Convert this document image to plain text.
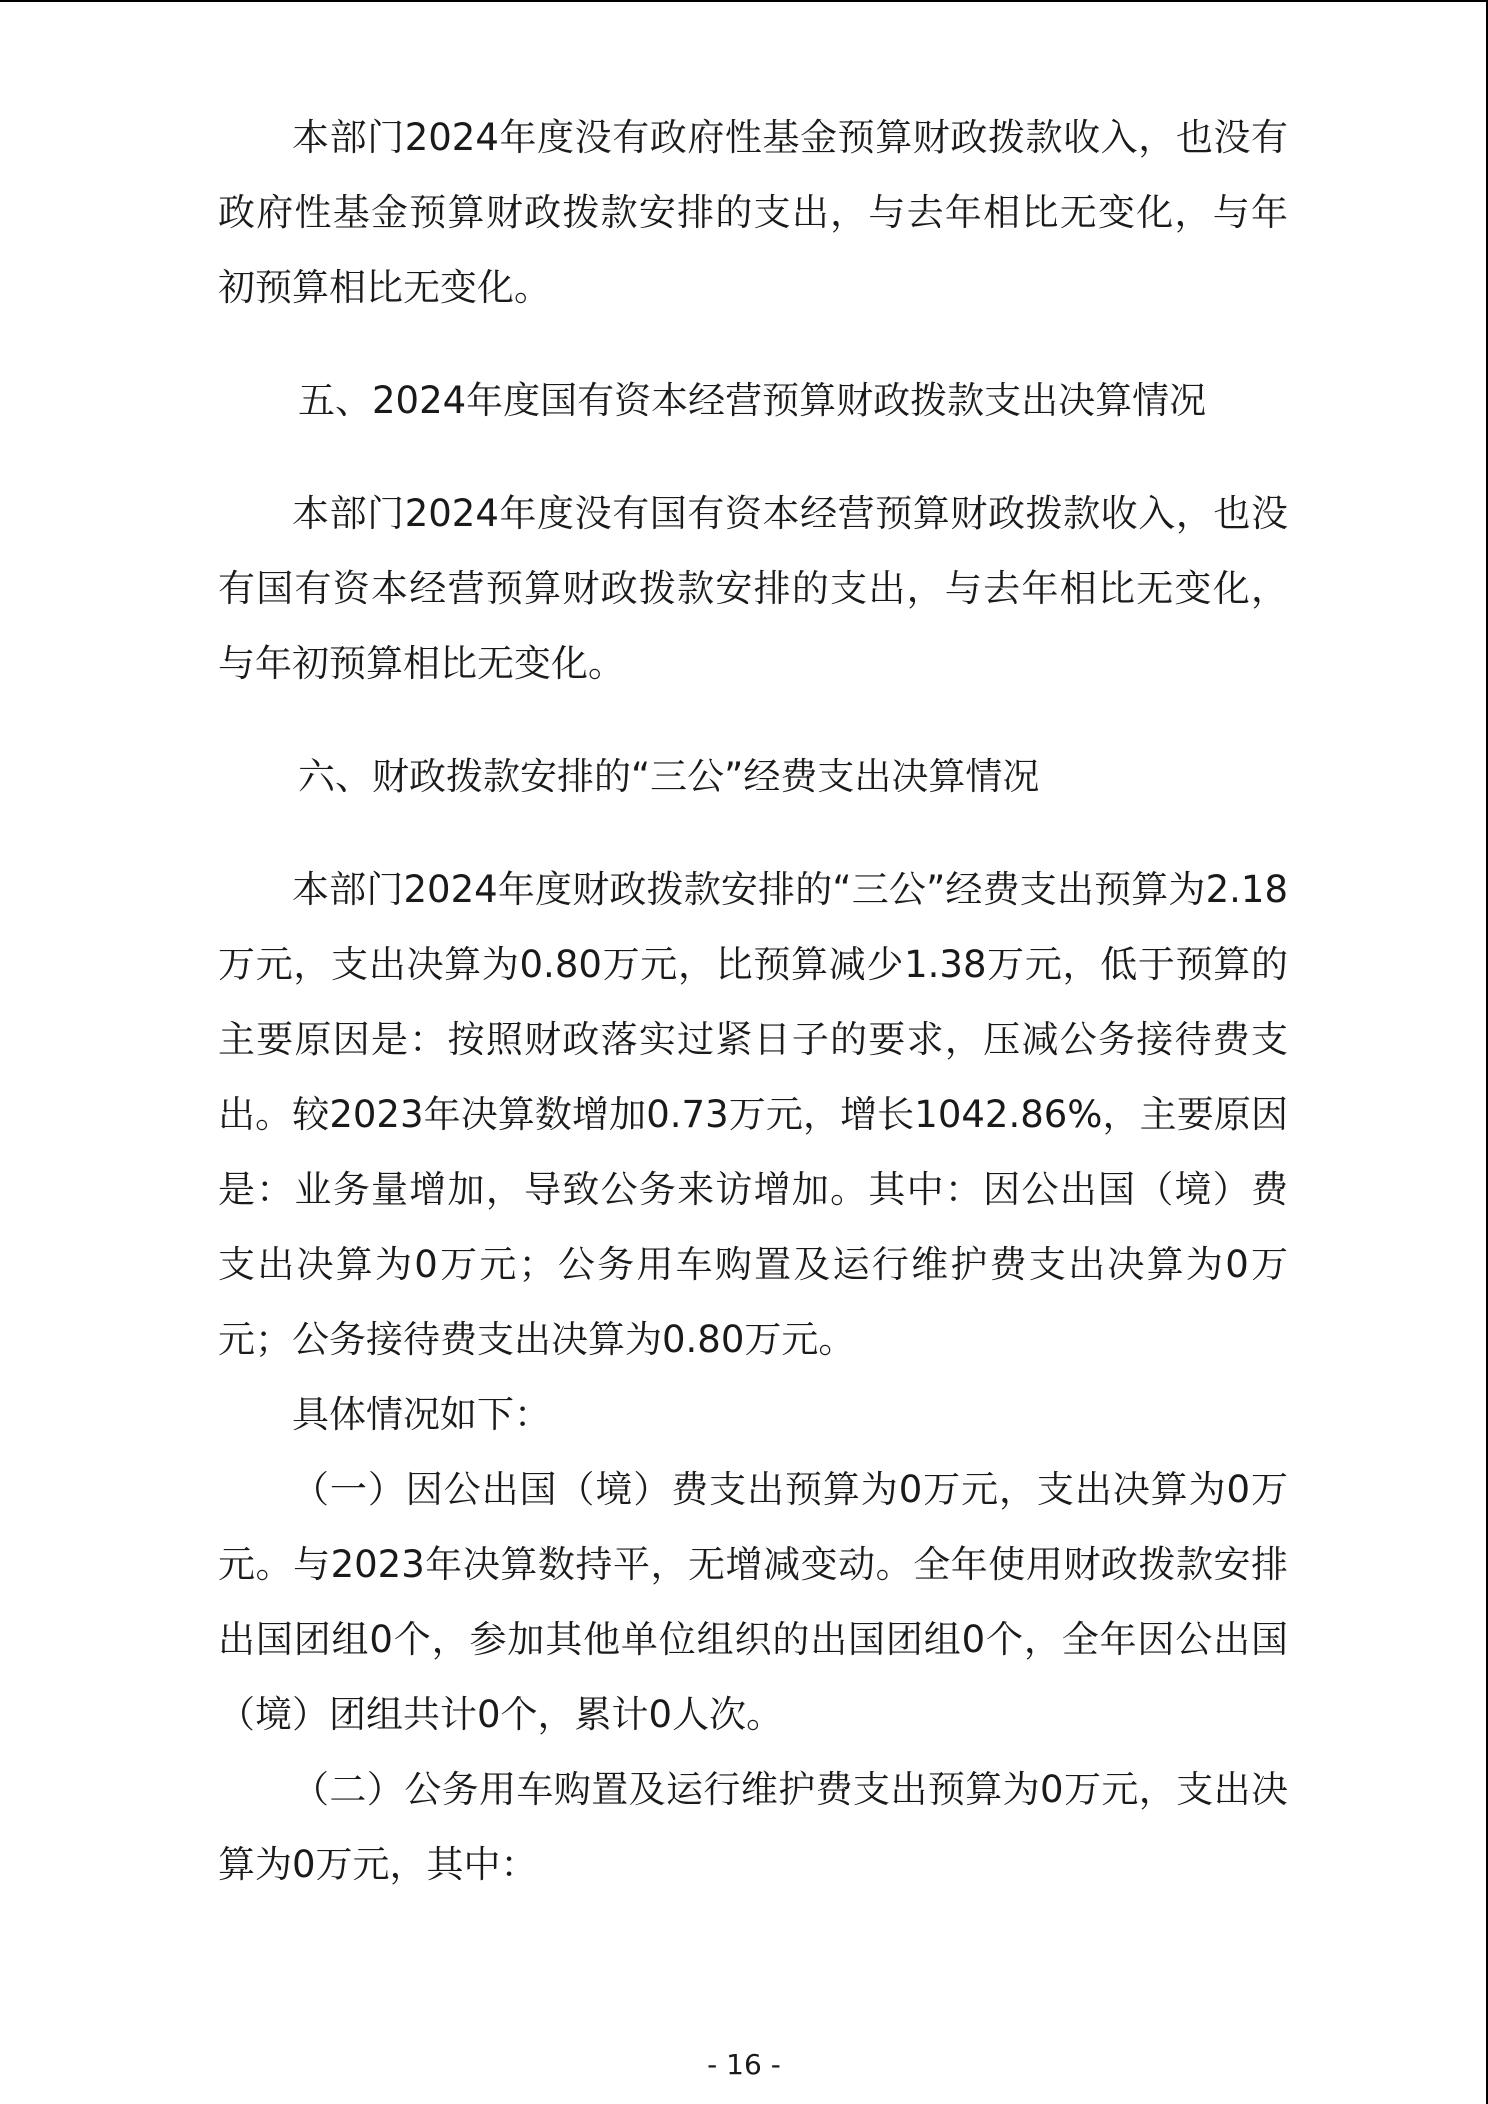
本部门2024年度没有政府性基金预算财政拨款收入，也没有政府性基金预算财政拨款安排的支出，与去年相比无变化，与年初预算相比无变化。

五、2024年度国有资本经营预算财政拨款支出决算情况

本部门2024年度没有国有资本经营预算财政拨款收入，也没有国有资本经营预算财政拨款安排的支出，与去年相比无变化，与年初预算相比无变化。

六、财政拨款安排的“三公”经费支出决算情况

本部门2024年度财政拨款安排的“三公”经费支出预算为2.18万元，支出决算为0.80万元，比预算减少1.38万元，低于预算的主要原因是：按照财政落实过紧日子的要求，压减公务接待费支出。较2023年决算数增加0.73万元，增长1042.86%，主要原因是：业务量增加，导致公务来访增加。其中：因公出国（境）费支出决算为0万元；公务用车购置及运行维护费支出决算为0万元；公务接待费支出决算为0.80万元。

具体情况如下：

（一）因公出国（境）费支出预算为0万元，支出决算为0万元。与2023年决算数持平，无增减变动。全年使用财政拨款安排出国团组0个，参加其他单位组织的出国团组0个，全年因公出国（境）团组共计0个，累计0人次。

（二）公务用车购置及运行维护费支出预算为0万元，支出决算为0万元，其中：

- 16 -
